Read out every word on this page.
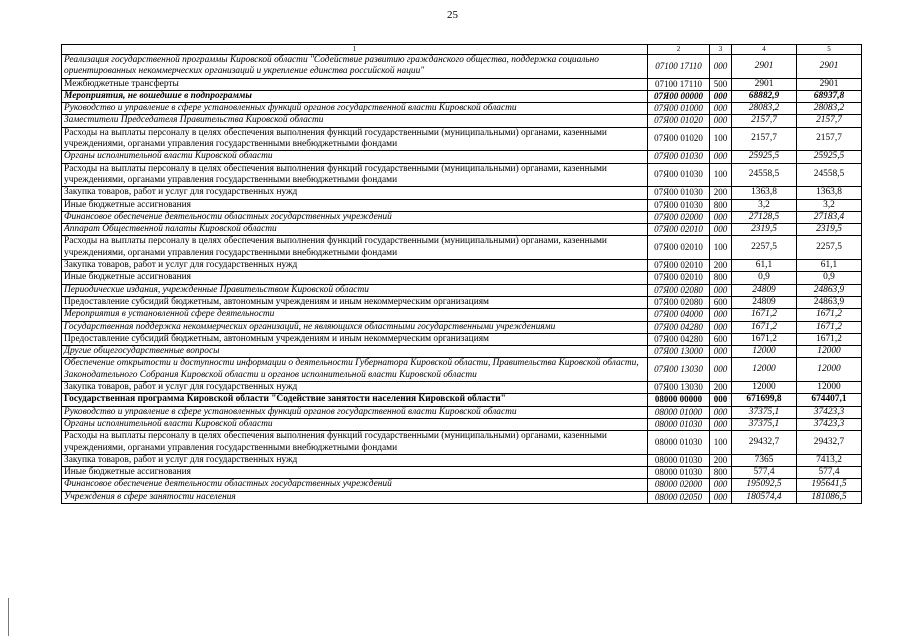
25
1	2	3	4	5
Реализация государственной программы Кировской области "Содействие развитию гражданского общества, поддержка социально ориентированных некоммерческих организаций и укрепление единства российской нации"	07100 17110	000	2901	2901
Межбюджетные трансферты	07100 17110	500	2901	2901
Мероприятия, не вошедшие в подпрограммы	07Я00 00000	000	68882,9	68937,8
Руководство и управление в сфере установленных функций органов государственной власти Кировской области	07Я00 01000	000	28083,2	28083,2
Заместители Председателя Правительства Кировской области	07Я00 01020	000	2157,7	2157,7
Расходы на выплаты персоналу в целях обеспечения выполнения функций государственными (муниципальными) органами, казенными учреждениями, органами управления государственными внебюджетными фондами	07Я00 01020	100	2157,7	2157,7
Органы исполнительной власти Кировской области	07Я00 01030	000	25925,5	25925,5
Расходы на выплаты персоналу в целях обеспечения выполнения функций государственными (муниципальными) органами, казенными учреждениями, органами управления государственными внебюджетными фондами	07Я00 01030	100	24558,5	24558,5
Закупка товаров, работ и услуг для государственных нужд	07Я00 01030	200	1363,8	1363,8
Иные бюджетные ассигнования	07Я00 01030	800	3,2	3,2
Финансовое обеспечение деятельности областных государственных учреждений	07Я00 02000	000	27128,5	27183,4
Аппарат Общественной палаты Кировской области	07Я00 02010	000	2319,5	2319,5
Расходы на выплаты персоналу в целях обеспечения выполнения функций государственными (муниципальными) органами, казенными учреждениями, органами управления государственными внебюджетными фондами	07Я00 02010	100	2257,5	2257,5
Закупка товаров, работ и услуг для государственных нужд	07Я00 02010	200	61,1	61,1
Иные бюджетные ассигнования	07Я00 02010	800	0,9	0,9
Периодические издания, учрежденные Правительством Кировской области	07Я00 02080	000	24809	24863,9
Предоставление субсидий бюджетным, автономным учреждениям и иным некоммерческим организациям	07Я00 02080	600	24809	24863,9
Мероприятия в установленной сфере деятельности	07Я00 04000	000	1671,2	1671,2
Государственная поддержка некоммерческих организаций, не являющихся областными государственными учреждениями	07Я00 04280	000	1671,2	1671,2
Предоставление субсидий бюджетным, автономным учреждениям и иным некоммерческим организациям	07Я00 04280	600	1671,2	1671,2
Другие общегосударственные вопросы	07Я00 13000	000	12000	12000
Обеспечение открытости и доступности информации о деятельности Губернатора Кировской области, Правительства Кировской области, Законодательного Собрания Кировской области и органов исполнительной власти Кировской области	07Я00 13030	000	12000	12000
Закупка товаров, работ и услуг для государственных нужд	07Я00 13030	200	12000	12000
Государственная программа Кировской области "Содействие занятости населения Кировской области"	08000 00000	000	671699,8	674407,1
Руководство и управление в сфере установленных функций органов государственной власти Кировской области	08000 01000	000	37375,1	37423,3
Органы исполнительной власти Кировской области	08000 01030	000	37375,1	37423,3
Расходы на выплаты персоналу в целях обеспечения выполнения функций государственными (муниципальными) органами, казенными учреждениями, органами управления государственными внебюджетными фондами	08000 01030	100	29432,7	29432,7
Закупка товаров, работ и услуг для государственных нужд	08000 01030	200	7365	7413,2
Иные бюджетные ассигнования	08000 01030	800	577,4	577,4
Финансовое обеспечение деятельности областных государственных учреждений	08000 02000	000	195092,5	195641,5
Учреждения в сфере занятости населения	08000 02050	000	180574,4	181086,5
